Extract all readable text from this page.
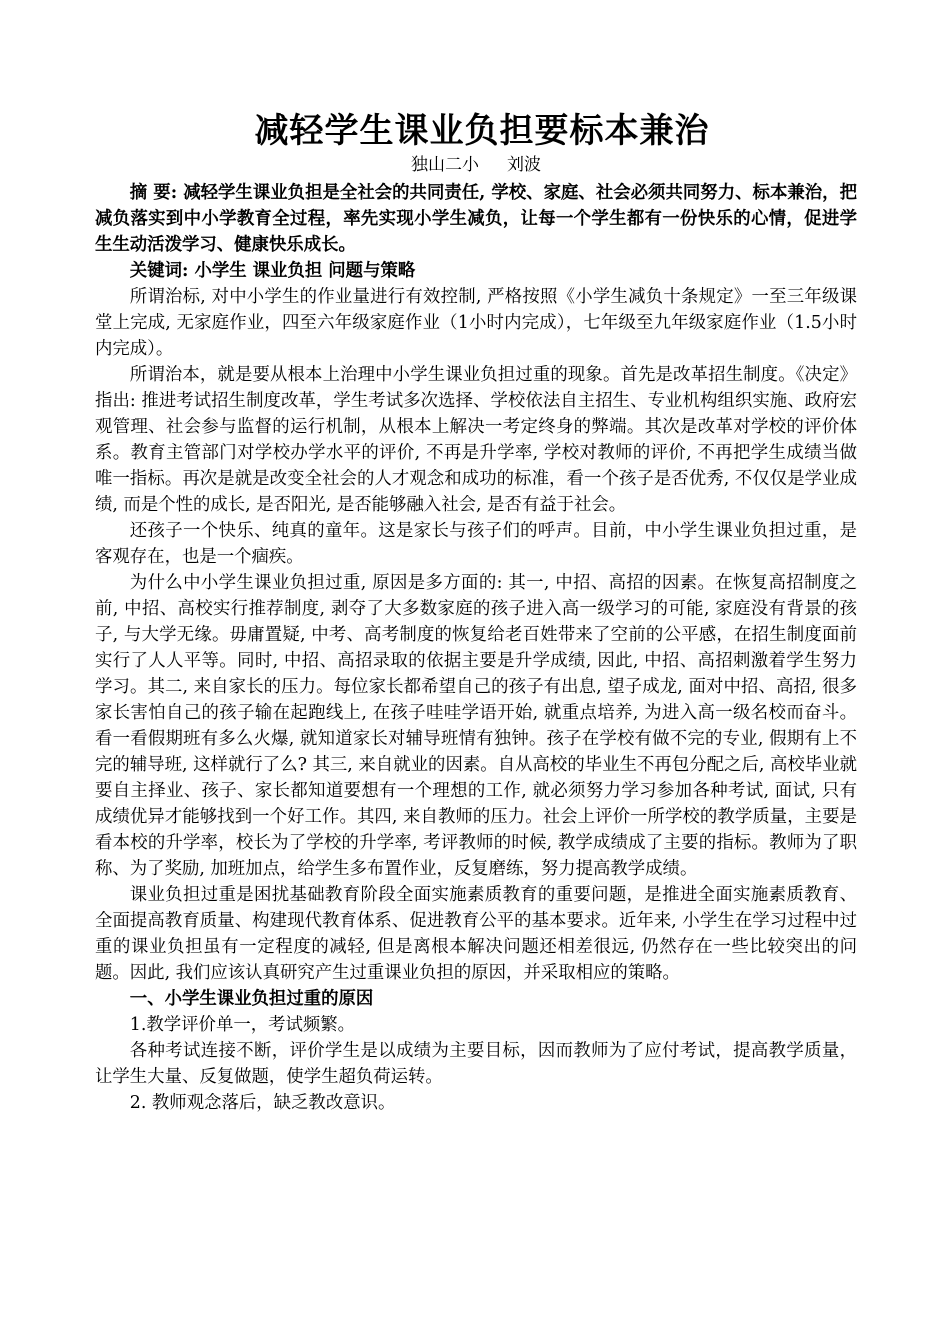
减轻学生课业负担要标本兼治
独山二小 刘波

摘 要: 减轻学生课业负担是全社会的共同责任, 学校、家庭、社会必须共同努力、标本兼治，把减负落实到中小学教育全过程，率先实现小学生减负，让每一个学生都有一份快乐的心情，促进学生生动活泼学习、健康快乐成长。

关键词: 小学生 课业负担 问题与策略

所谓治标, 对中小学生的作业量进行有效控制, 严格按照《小学生减负十条规定》一至三年级课堂上完成, 无家庭作业，四至六年级家庭作业（1小时内完成），七年级至九年级家庭作业（1.5小时内完成）。

所谓治本，就是要从根本上治理中小学生课业负担过重的现象。首先是改革招生制度。《决定》指出: 推进考试招生制度改革，学生考试多次选择、学校依法自主招生、专业机构组织实施、政府宏观管理、社会参与监督的运行机制，从根本上解决一考定终身的弊端。其次是改革对学校的评价体系。教育主管部门对学校办学水平的评价, 不再是升学率, 学校对教师的评价, 不再把学生成绩当做唯一指标。再次是就是改变全社会的人才观念和成功的标准，看一个孩子是否优秀, 不仅仅是学业成绩, 而是个性的成长, 是否阳光, 是否能够融入社会, 是否有益于社会。

还孩子一个快乐、纯真的童年。这是家长与孩子们的呼声。目前，中小学生课业负担过重，是客观存在，也是一个痼疾。

为什么中小学生课业负担过重, 原因是多方面的: 其一, 中招、高招的因素。在恢复高招制度之前, 中招、高校实行推荐制度, 剥夺了大多数家庭的孩子进入高一级学习的可能, 家庭没有背景的孩子, 与大学无缘。毋庸置疑, 中考、高考制度的恢复给老百姓带来了空前的公平感，在招生制度面前实行了人人平等。同时, 中招、高招录取的依据主要是升学成绩, 因此, 中招、高招刺激着学生努力学习。其二, 来自家长的压力。每位家长都希望自己的孩子有出息, 望子成龙, 面对中招、高招, 很多家长害怕自己的孩子输在起跑线上, 在孩子哇哇学语开始, 就重点培养, 为进入高一级名校而奋斗。看一看假期班有多么火爆, 就知道家长对辅导班情有独钟。孩子在学校有做不完的专业, 假期有上不完的辅导班, 这样就行了么? 其三, 来自就业的因素。自从高校的毕业生不再包分配之后, 高校毕业就要自主择业、孩子、家长都知道要想有一个理想的工作, 就必须努力学习参加各种考试, 面试, 只有成绩优异才能够找到一个好工作。其四, 来自教师的压力。社会上评价一所学校的教学质量，主要是看本校的升学率，校长为了学校的升学率, 考评教师的时候, 教学成绩成了主要的指标。教师为了职称、为了奖励, 加班加点，给学生多布置作业，反复磨练，努力提高教学成绩。

课业负担过重是困扰基础教育阶段全面实施素质教育的重要问题，是推进全面实施素质教育、全面提高教育质量、构建现代教育体系、促进教育公平的基本要求。近年来, 小学生在学习过程中过重的课业负担虽有一定程度的减轻, 但是离根本解决问题还相差很远, 仍然存在一些比较突出的问题。因此, 我们应该认真研究产生过重课业负担的原因，并采取相应的策略。

一、小学生课业负担过重的原因

1.教学评价单一，考试频繁。

各种考试连接不断，评价学生是以成绩为主要目标，因而教师为了应付考试，提高教学质量，让学生大量、反复做题，使学生超负荷运转。

2. 教师观念落后，缺乏教改意识。
